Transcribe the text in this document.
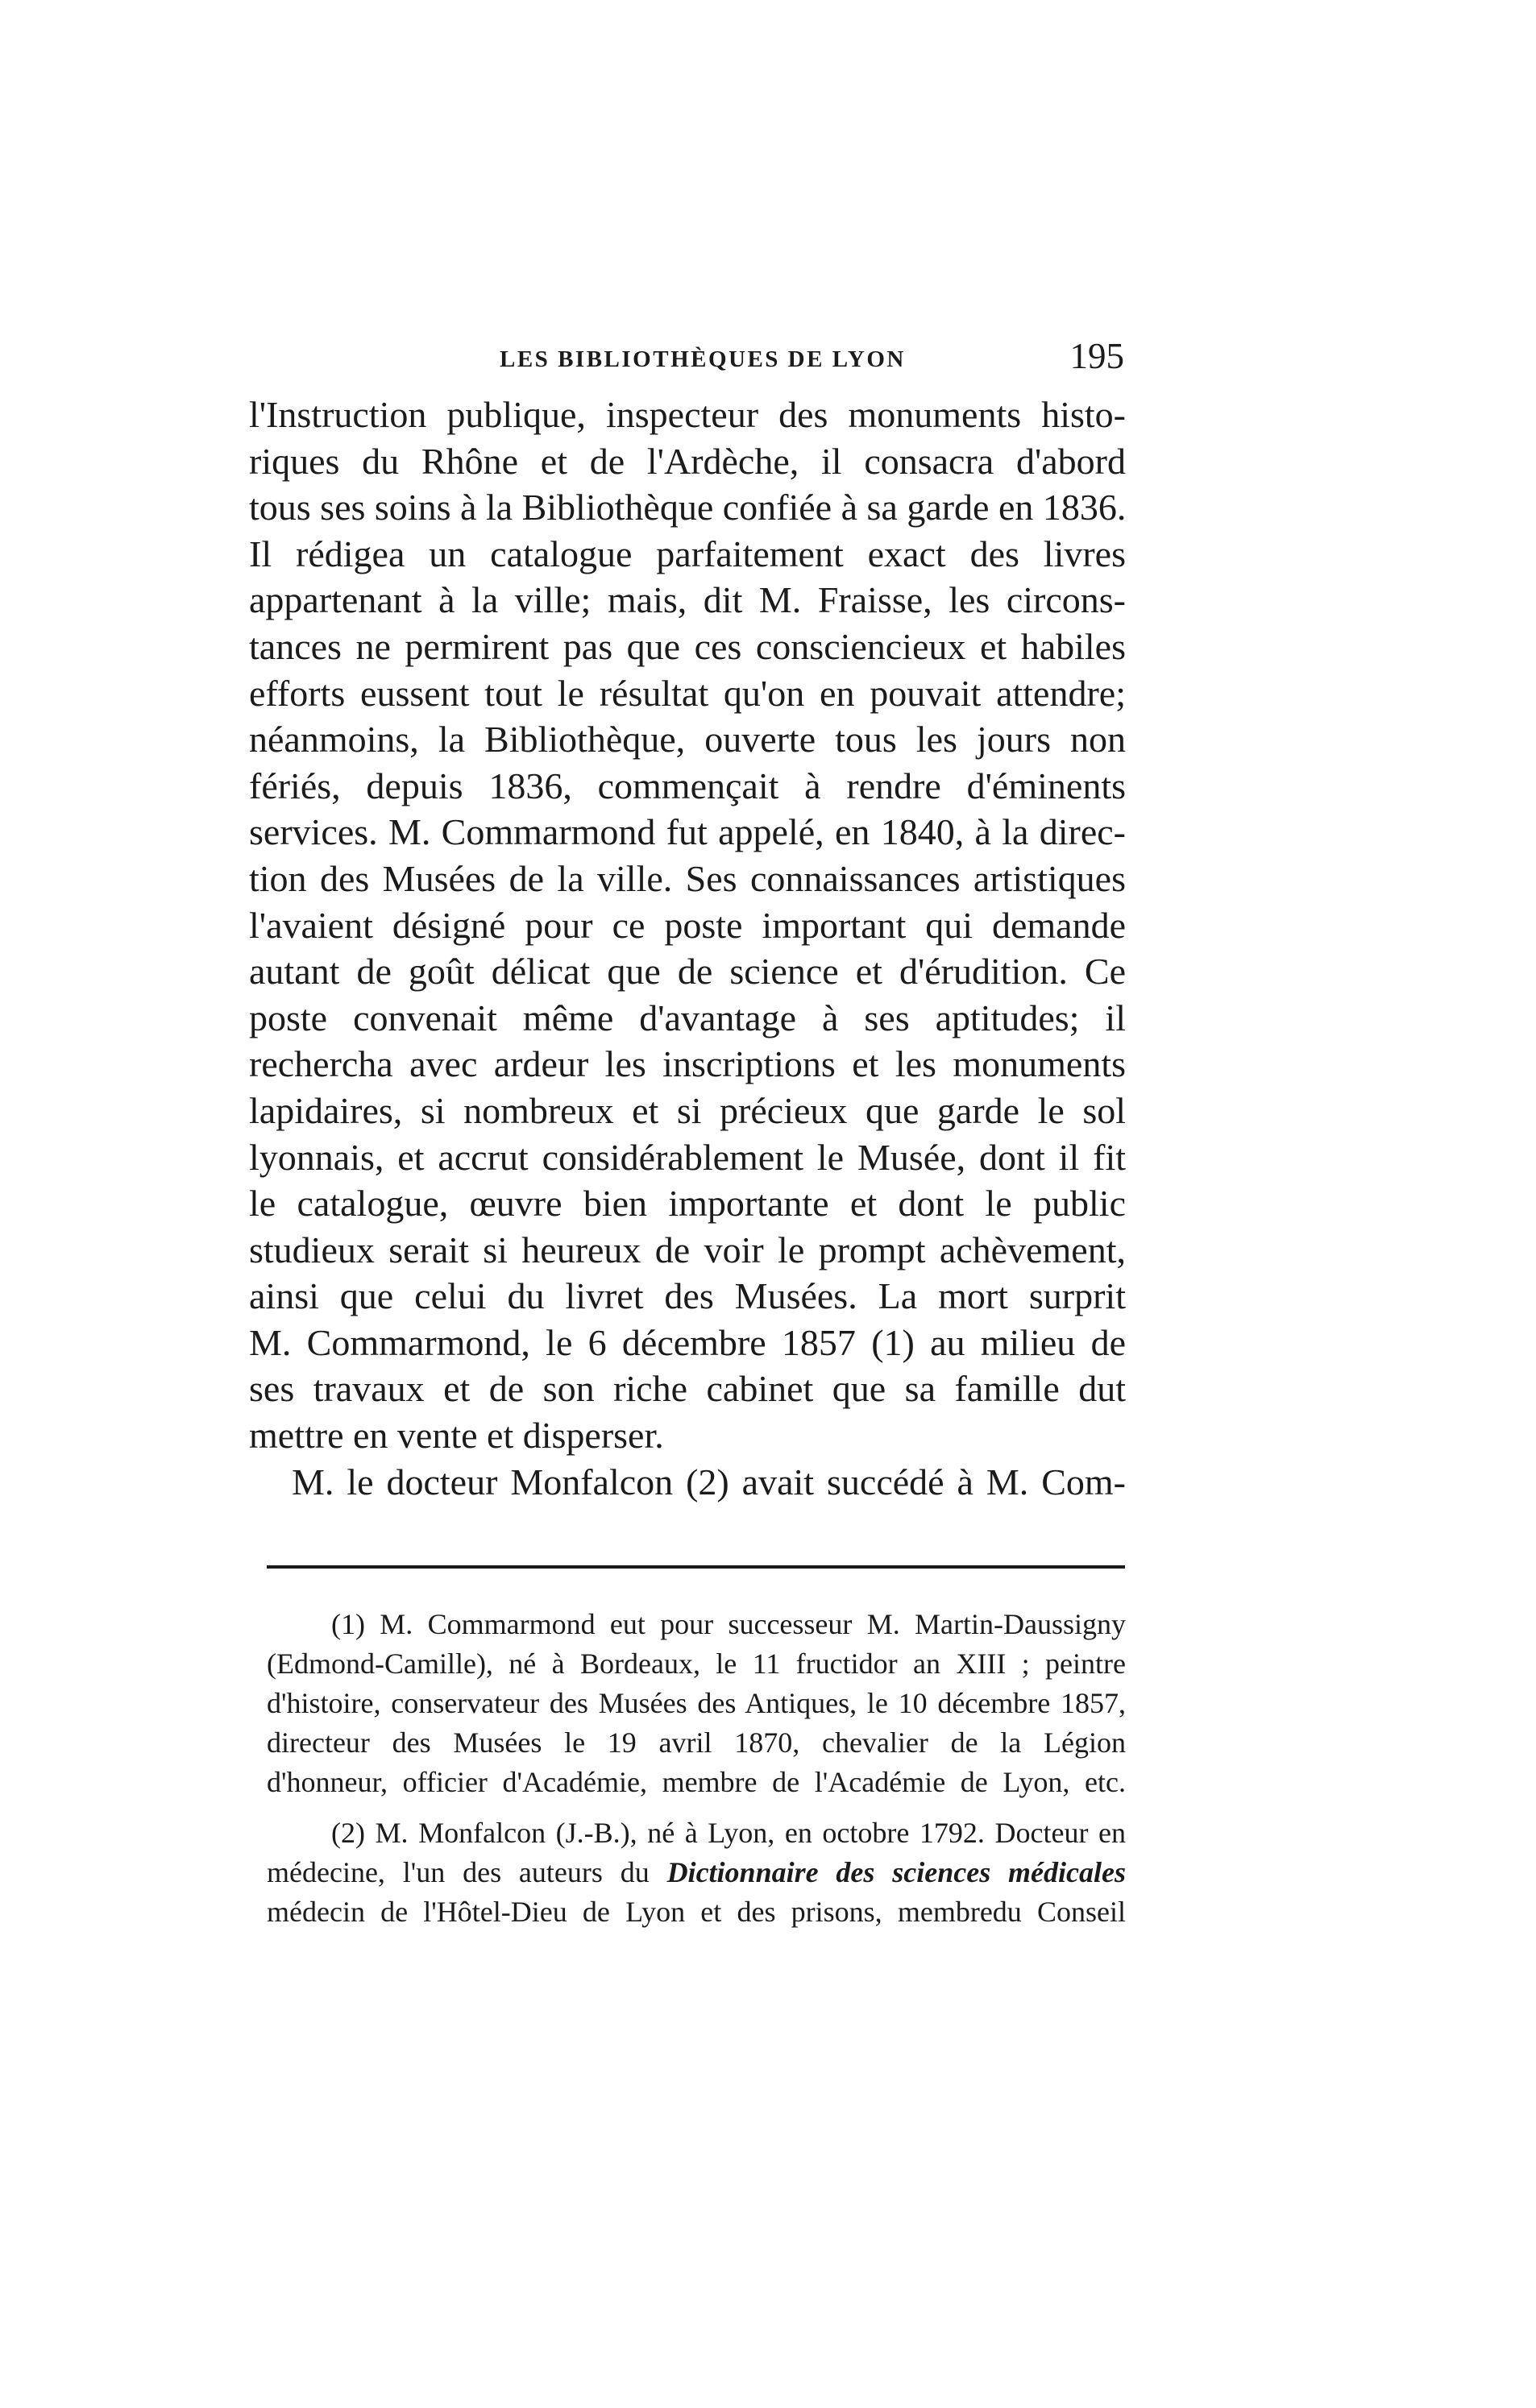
LES BIBLIOTHÈQUES DE LYON	195
l'Instruction publique, inspecteur des monuments histo-
riques du Rhône et de l'Ardèche, il consacra d'abord
tous ses soins à la Bibliothèque confiée à sa garde en 1836.
Il rédigea un catalogue parfaitement exact des livres
appartenant à la ville; mais, dit M. Fraisse, les circons-
tances ne permirent pas que ces consciencieux et habiles
efforts eussent tout le résultat qu'on en pouvait attendre;
néanmoins, la Bibliothèque, ouverte tous les jours non
fériés, depuis 1836, commençait à rendre d'éminents
services. M. Commarmond fut appelé, en 1840, à la direc-
tion des Musées de la ville. Ses connaissances artistiques
l'avaient désigné pour ce poste important qui demande
autant de goût délicat que de science et d'érudition. Ce
poste convenait même d'avantage à ses aptitudes; il
rechercha avec ardeur les inscriptions et les monuments
lapidaires, si nombreux et si précieux que garde le sol
lyonnais, et accrut considérablement le Musée, dont il fit
le catalogue, œuvre bien importante et dont le public
studieux serait si heureux de voir le prompt achèvement,
ainsi que celui du livret des Musées. La mort surprit
M. Commarmond, le 6 décembre 1857 (1) au milieu de
ses travaux et de son riche cabinet que sa famille dut
mettre en vente et disperser.
M. le docteur Monfalcon (2) avait succédé à M. Com-
(1) M. Commarmond eut pour successeur M. Martin-Daussigny
(Edmond-Camille), né à Bordeaux, le 11 fructidor an XIII ; peintre
d'histoire, conservateur des Musées des Antiques, le 10 décembre 1857,
directeur des Musées le 19 avril 1870, chevalier de la Légion
d'honneur, officier d'Académie, membre de l'Académie de Lyon, etc.
(2) M. Monfalcon (J.-B.), né à Lyon, en octobre 1792. Docteur en
médecine, l'un des auteurs du Dictionnaire des sciences médicales
médecin de l'Hôtel-Dieu de Lyon et des prisons, membredu Conseil
